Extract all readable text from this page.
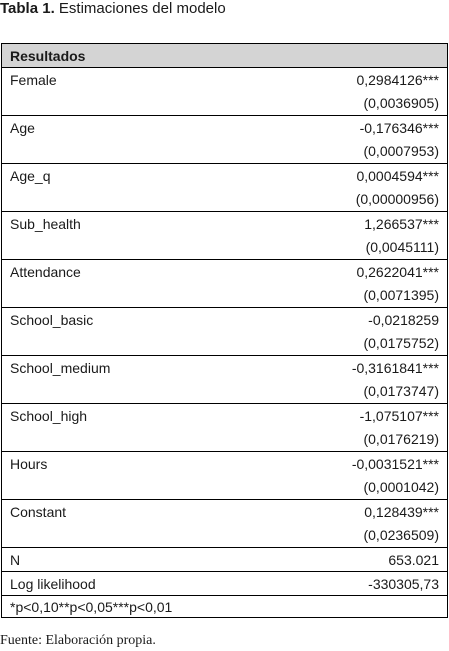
Tabla 1. Estimaciones del modelo
Resultados
Female	0,2984126***
(0,0036905)
Age	-0,176346***
(0,0007953)
Age_q	0,0004594***
(0,00000956)
Sub_health	1,266537***
(0,0045111)
Attendance	0,2622041***
(0,0071395)
School_basic	-0,0218259
(0,0175752)
School_medium	-0,3161841***
(0,0173747)
School_high	-1,075107***
(0,0176219)
Hours	-0,0031521***
(0,0001042)
Constant	0,128439***
(0,0236509)
N	653.021
Log likelihood	-330305,73
*p<0,10**p<0,05***p<0,01
Fuente: Elaboración propia.
